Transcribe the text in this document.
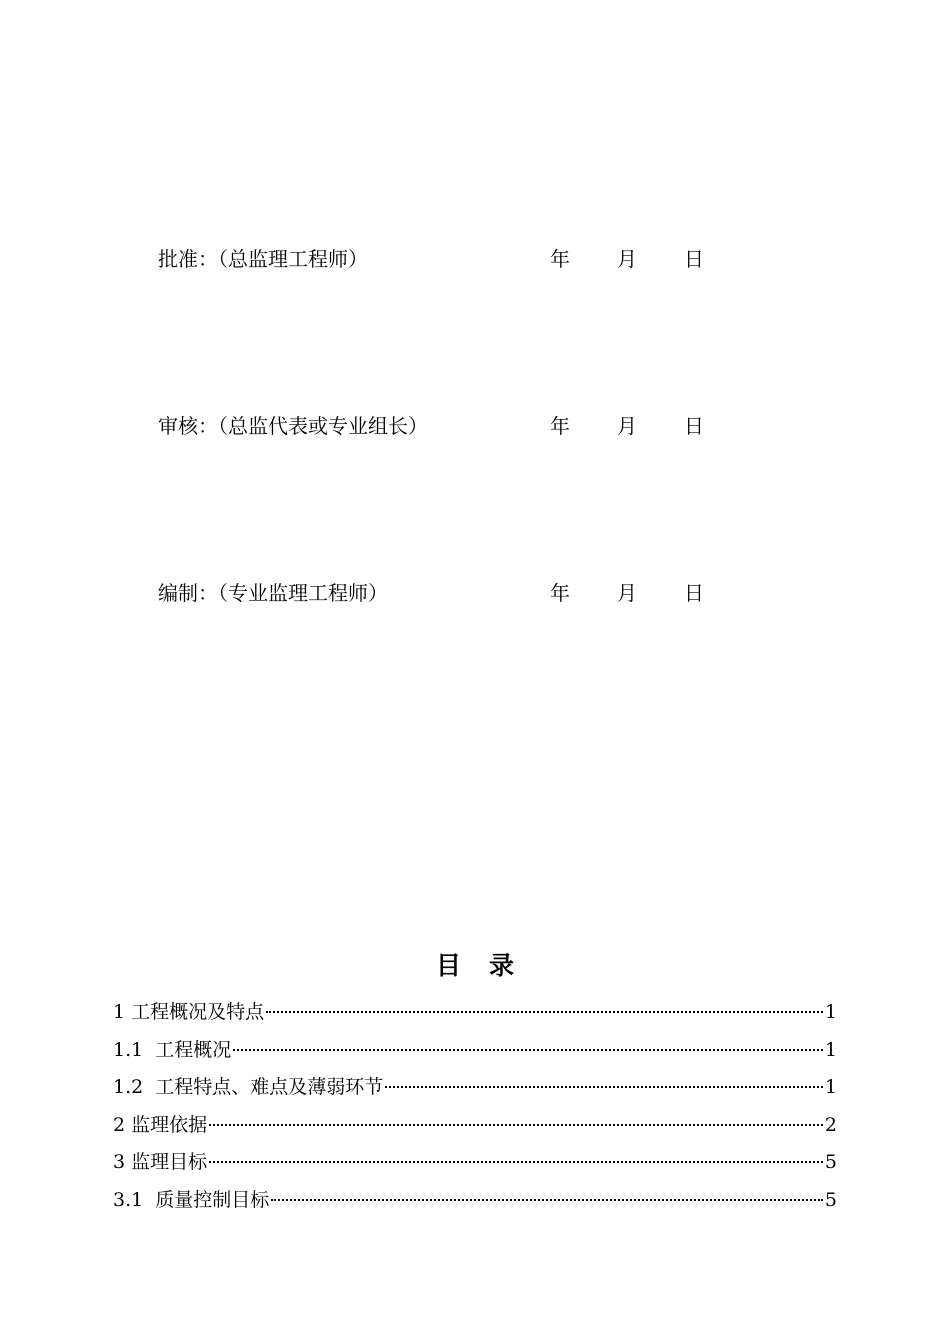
批准：（总监理工程师）	年 月 日
审核：（总监代表或专业组长）	年 月 日
编制：（专业监理工程师）	年 月 日
目录
1 工程概况及特点	1
1.1  工程概况	1
1.2  工程特点、难点及薄弱环节	1
2 监理依据	2
3 监理目标	5
3.1  质量控制目标	5
